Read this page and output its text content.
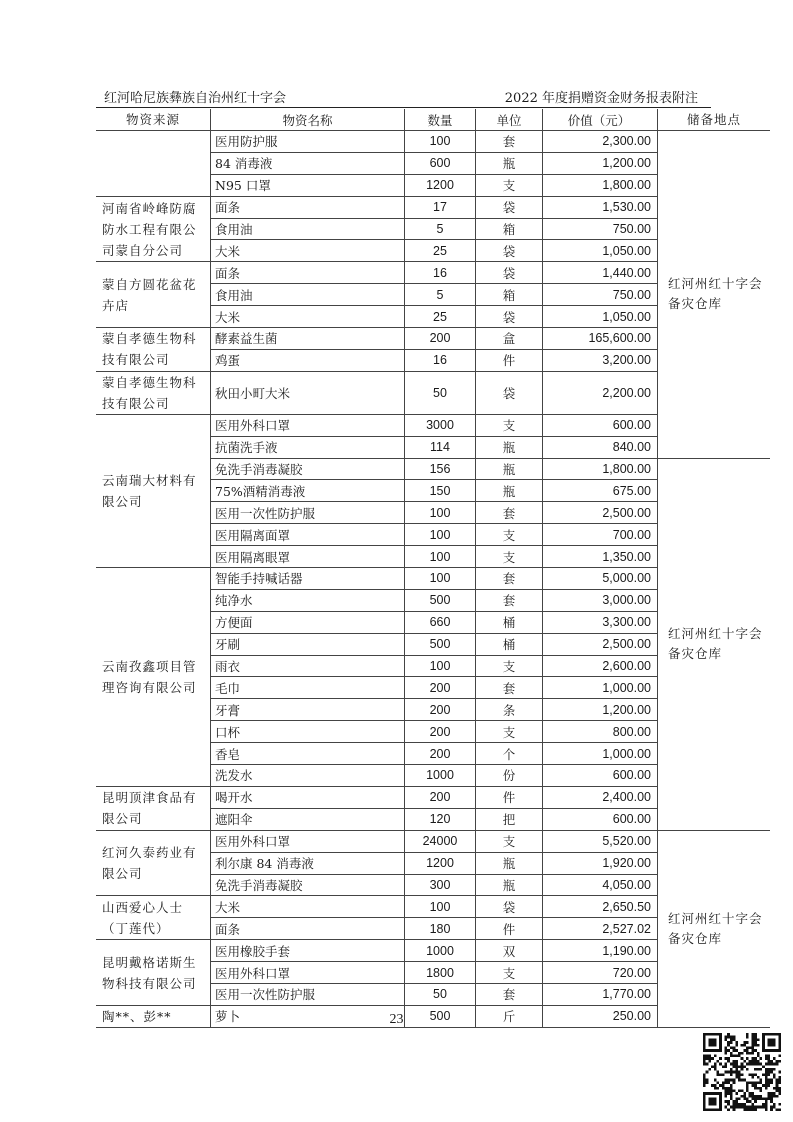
红河哈尼族彝族自治州红十字会	2022 年度捐赠资金财务报表附注
物资来源	物资名称	数量	单位	价值（元）	储备地点
	医用防护服	100	套	2,300.00	红河州红十字会备灾仓库
	84 消毒液	600	瓶	1,200.00	
	N95 口罩	1200	支	1,800.00	
河南省岭峰防腐防水工程有限公司蒙自分公司	面条	17	袋	1,530.00	
	食用油	5	箱	750.00	
	大米	25	袋	1,050.00	
蒙自方圆花盆花卉店	面条	16	袋	1,440.00	
	食用油	5	箱	750.00	
	大米	25	袋	1,050.00	
蒙自孝德生物科技有限公司	酵素益生菌	200	盒	165,600.00	
	鸡蛋	16	件	3,200.00	
蒙自孝德生物科技有限公司	秋田小町大米	50	袋	2,200.00	
云南瑞大材料有限公司	医用外科口罩	3000	支	600.00	
	抗菌洗手液	114	瓶	840.00	
	免洗手消毒凝胶	156	瓶	1,800.00	红河州红十字会备灾仓库
	75%酒精消毒液	150	瓶	675.00	
	医用一次性防护服	100	套	2,500.00	
	医用隔离面罩	100	支	700.00	
	医用隔离眼罩	100	支	1,350.00	
云南孜鑫项目管理咨询有限公司	智能手持喊话器	100	套	5,000.00	
	纯净水	500	套	3,000.00	
	方便面	660	桶	3,300.00	
	牙刷	500	桶	2,500.00	
	雨衣	100	支	2,600.00	
	毛巾	200	套	1,000.00	
	牙膏	200	条	1,200.00	
	口杯	200	支	800.00	
	香皂	200	个	1,000.00	
	洗发水	1000	份	600.00	
昆明顶津食品有限公司	喝开水	200	件	2,400.00	
	遮阳伞	120	把	600.00	
红河久泰药业有限公司	医用外科口罩	24000	支	5,520.00	红河州红十字会备灾仓库
	利尔康 84 消毒液	1200	瓶	1,920.00	
	免洗手消毒凝胶	300	瓶	4,050.00	
山西爱心人士（丁莲代）	大米	100	袋	2,650.50	
	面条	180	件	2,527.02	
昆明戴格诺斯生物科技有限公司	医用橡胶手套	1000	双	1,190.00	
	医用外科口罩	1800	支	720.00	
	医用一次性防护服	50	套	1,770.00	
陶**、彭**	萝卜	500	斤	250.00	
23
